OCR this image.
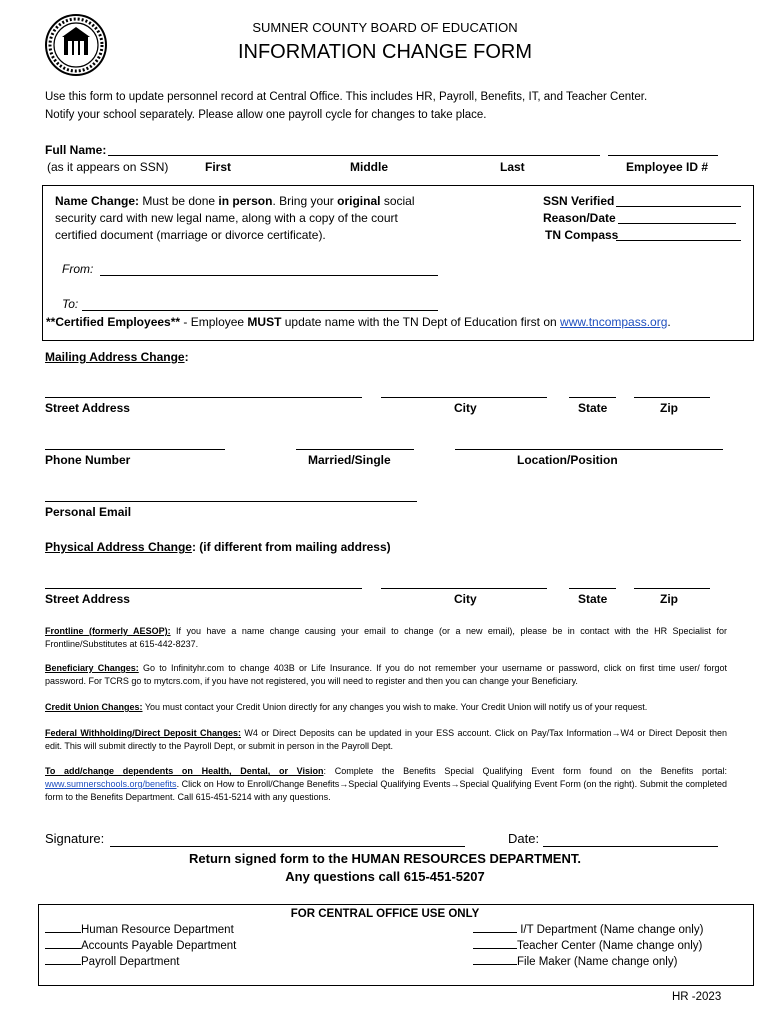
SUMNER COUNTY BOARD OF EDUCATION
INFORMATION CHANGE FORM
Use this form to update personnel record at Central Office. This includes HR, Payroll, Benefits, IT, and Teacher Center.
Notify your school separately. Please allow one payroll cycle for changes to take place.
Full Name:
(as it appears on SSN)	First	Middle	Last	Employee ID #
Name Change: Must be done in person. Bring your original social
security card with new legal name, along with a copy of the court
certified document (marriage or divorce certificate).
SSN Verified
Reason/Date
TN Compass
From:
To:
**Certified Employees** - Employee MUST update name with the TN Dept of Education first on www.tncompass.org.
Mailing Address Change:
Street Address	City	State	Zip
Phone Number	Married/Single	Location/Position
Personal Email
Physical Address Change: (if different from mailing address)
Street Address	City	State	Zip
Frontline (formerly AESOP): If you have a name change causing your email to change (or a new email), please be in contact with the HR Specialist for Frontline/Substitutes at 615-442-8237.
Beneficiary Changes: Go to Infinityhr.com to change 403B or Life Insurance. If you do not remember your username or password, click on first time user/ forgot password. For TCRS go to mytcrs.com, if you have not registered, you will need to register and then you can change your Beneficiary.
Credit Union Changes: You must contact your Credit Union directly for any changes you wish to make. Your Credit Union will notify us of your request.
Federal Withholding/Direct Deposit Changes: W4 or Direct Deposits can be updated in your ESS account. Click on Pay/Tax Information→W4 or Direct Deposit then edit. This will submit directly to the Payroll Dept, or submit in person in the Payroll Dept.
To add/change dependents on Health, Dental, or Vision: Complete the Benefits Special Qualifying Event form found on the Benefits portal: www.sumnerschools.org/benefits. Click on How to Enroll/Change Benefits→Special Qualifying Events→Special Qualifying Event Form (on the right). Submit the completed form to the Benefits Department. Call 615-451-5214 with any questions.
Signature:	Date:
Return signed form to the HUMAN RESOURCES DEPARTMENT.
Any questions call 615-451-5207
FOR CENTRAL OFFICE USE ONLY
Human Resource Department
Accounts Payable Department
Payroll Department
I/T Department (Name change only)
Teacher Center (Name change only)
File Maker (Name change only)
HR -2023
